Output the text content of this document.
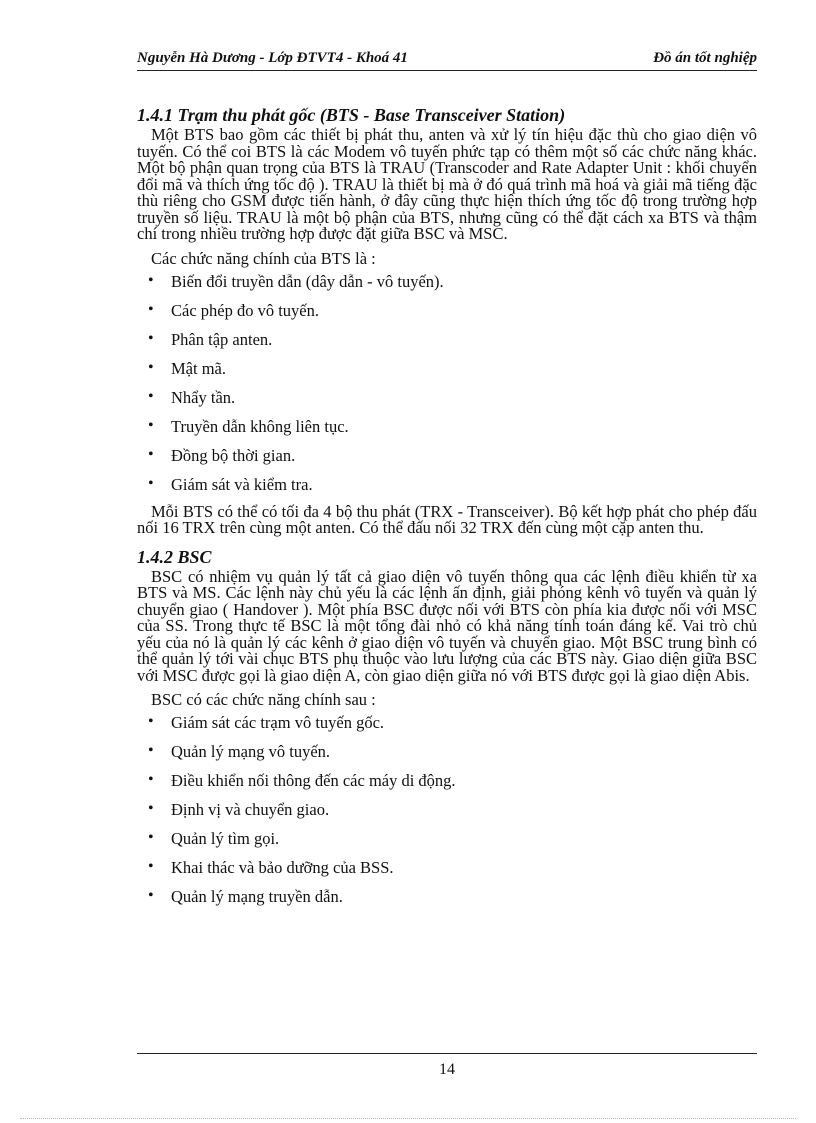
Nguyễn Hà Dương - Lớp ĐTVT4 - Khoá 41	Đồ án tốt nghiệp
1.4.1 Trạm thu phát gốc (BTS - Base Transceiver Station)

Một BTS bao gồm các thiết bị phát thu, anten và xử lý tín hiệu đặc thù cho giao diện vô tuyến. Có thể coi BTS là các Modem vô tuyến phức tạp có thêm một số các chức năng khác. Một bộ phận quan trọng của BTS là TRAU (Transcoder and Rate Adapter Unit : khối chuyển đổi mã và thích ứng tốc độ ). TRAU là thiết bị mà ở đó quá trình mã hoá và giải mã tiếng đặc thù riêng cho GSM được tiến hành, ở đây cũng thực hiện thích ứng tốc độ trong trường hợp truyền số liệu. TRAU là một bộ phận của BTS, nhưng cũng có thể đặt cách xa BTS và thậm chí trong nhiều trường hợp được đặt giữa BSC và MSC.

Các chức năng chính của BTS là :

• Biến đổi truyền dẫn (dây dẫn - vô tuyến).
• Các phép đo vô tuyến.
• Phân tập anten.
• Mật mã.
• Nhẩy tần.
• Truyền dẫn không liên tục.
• Đồng bộ thời gian.
• Giám sát và kiểm tra.

Mỗi BTS có thể có tối đa 4 bộ thu phát (TRX - Transceiver). Bộ kết hợp phát cho phép đấu nối 16 TRX trên cùng một anten. Có thể đấu nối 32 TRX đến cùng một cặp anten thu.

1.4.2 BSC

BSC có nhiệm vụ quản lý tất cả giao diện vô tuyến thông qua các lệnh điều khiển từ xa BTS và MS. Các lệnh này chủ yếu là các lệnh ấn định, giải phóng kênh vô tuyến và quản lý chuyển giao ( Handover ). Một phía BSC được nối với BTS còn phía kia được nối với MSC của SS. Trong thực tế BSC là một tổng đài nhỏ có khả năng tính toán đáng kể. Vai trò chủ yếu của nó là quản lý các kênh ở giao diện vô tuyến và chuyển giao. Một BSC trung bình có thể quản lý tới vài chục BTS phụ thuộc vào lưu lượng của các BTS này. Giao diện giữa BSC với MSC được gọi là giao diện A, còn giao diện giữa nó với BTS được gọi là giao diện Abis.

BSC có các chức năng chính sau :

• Giám sát các trạm vô tuyến gốc.
• Quản lý mạng vô tuyến.
• Điều khiển nối thông đến các máy di động.
• Định vị và chuyển giao.
• Quản lý tìm gọi.
• Khai thác và bảo dưỡng của BSS.
• Quản lý mạng truyền dẫn.
14
